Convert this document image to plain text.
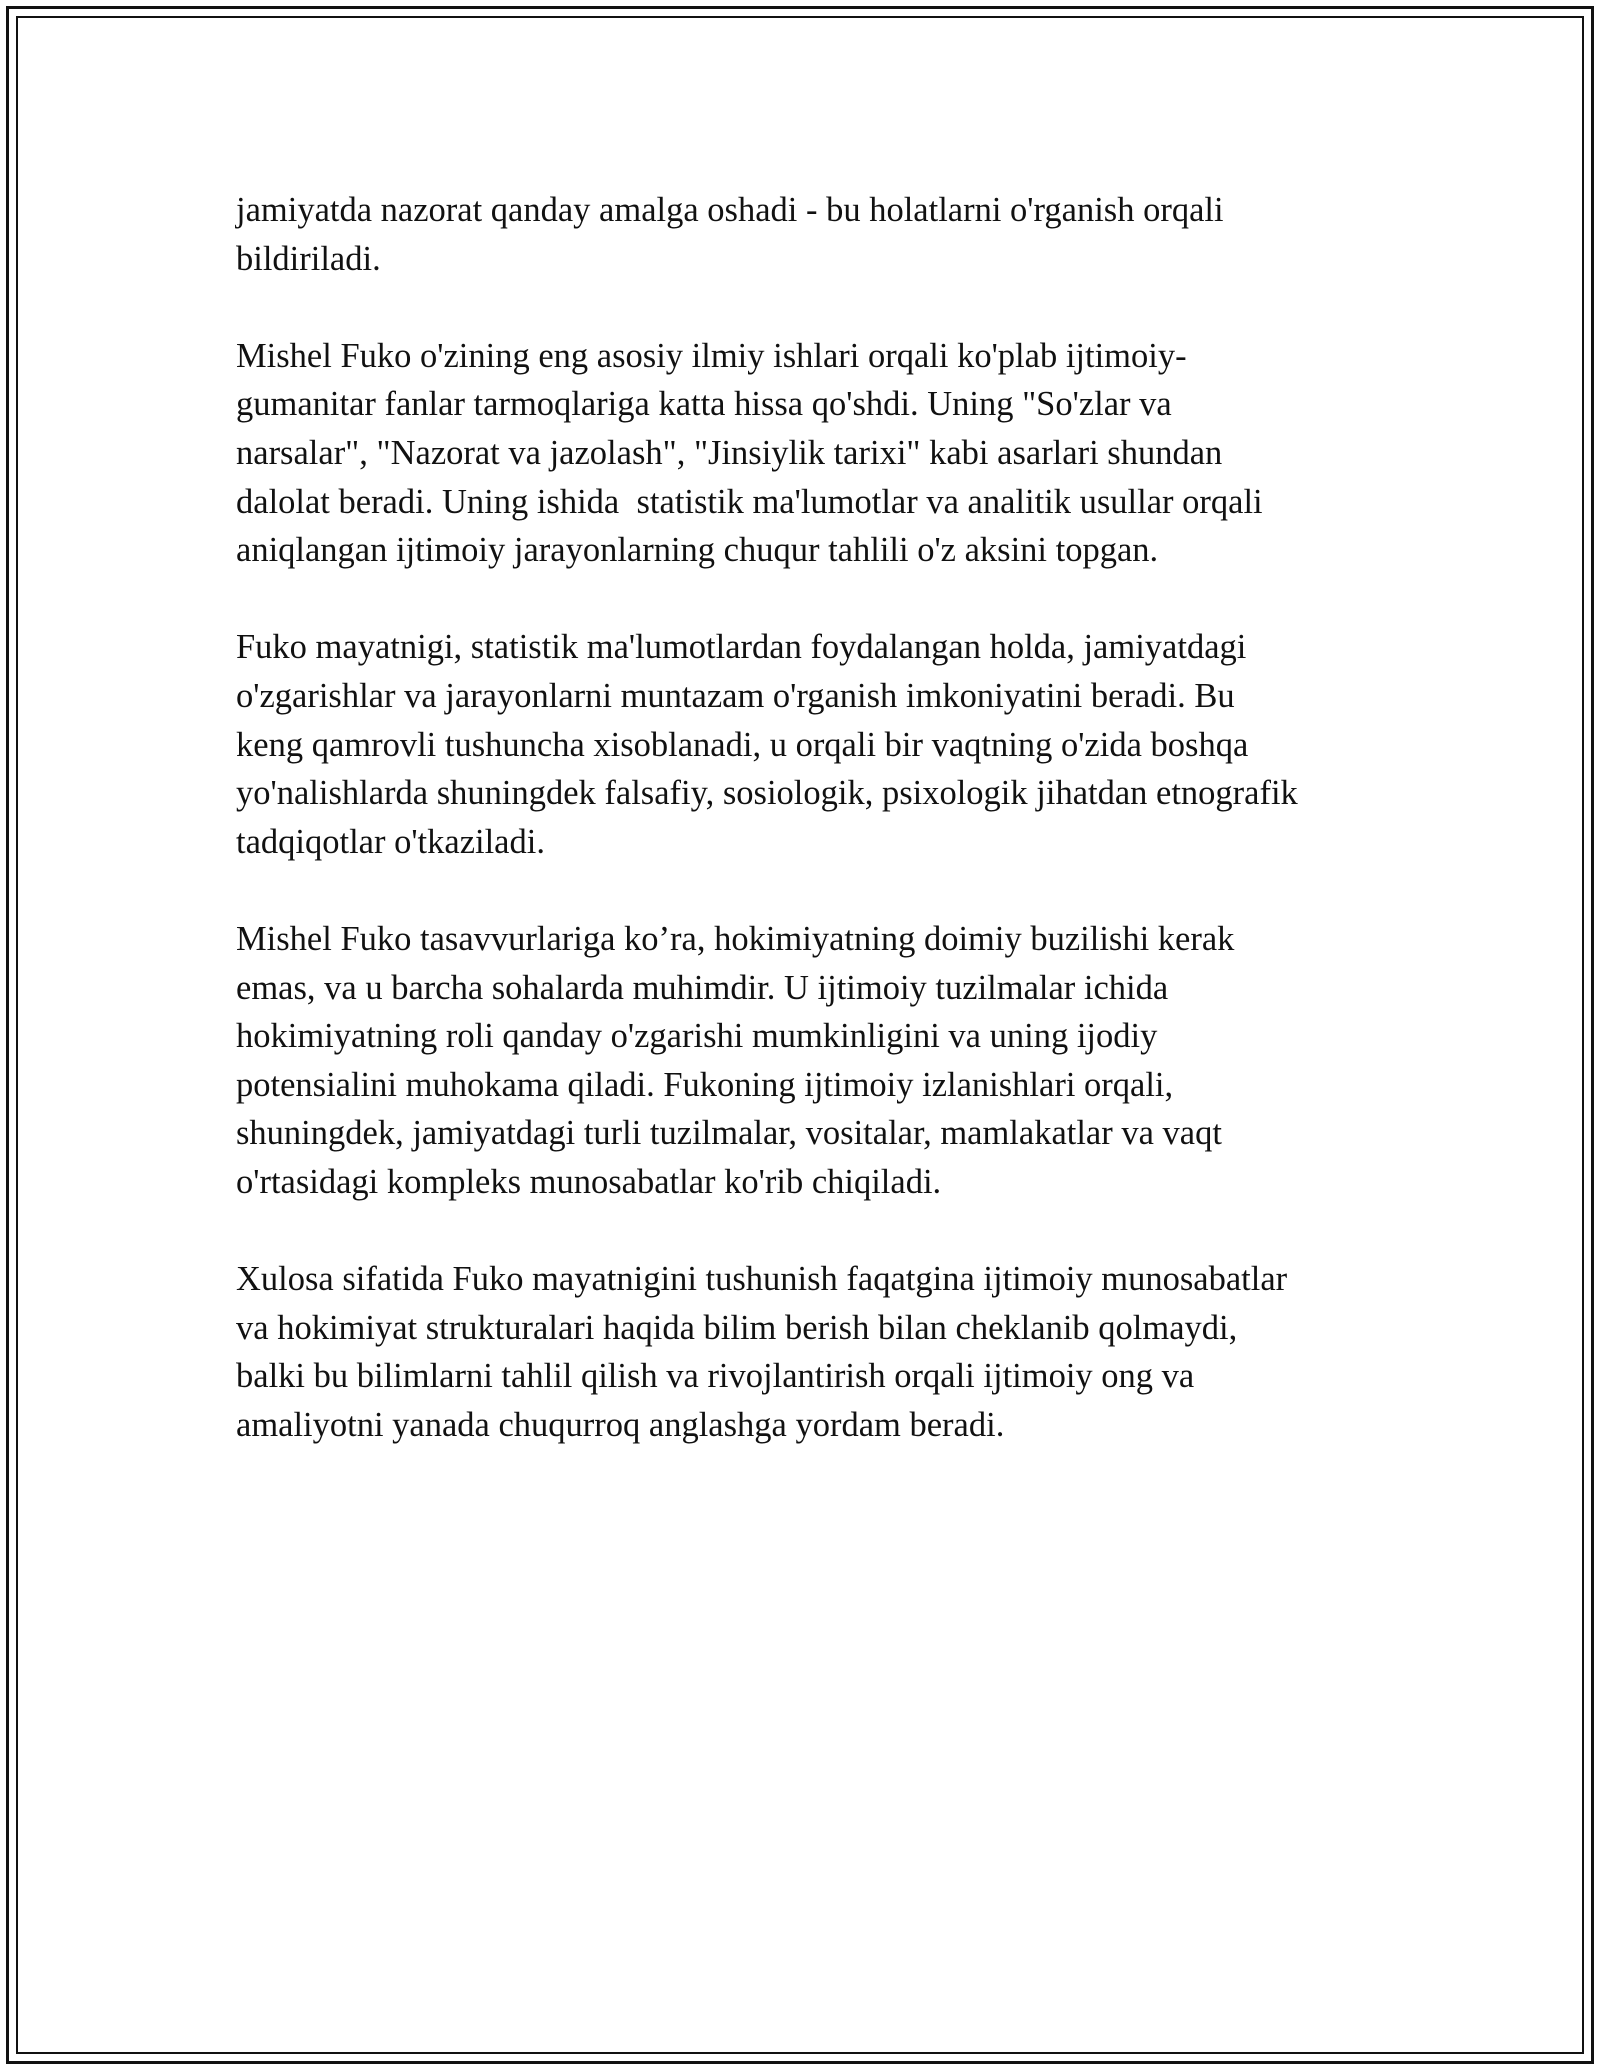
jamiyatda nazorat qanday amalga oshadi - bu holatlarni o'rganish orqali
bildiriladi.

Mishel Fuko o'zining eng asosiy ilmiy ishlari orqali ko'plab ijtimoiy-
gumanitar fanlar tarmoqlariga katta hissa qo'shdi. Uning "So'zlar va
narsalar", "Nazorat va jazolash", "Jinsiylik tarixi" kabi asarlari shundan
dalolat beradi. Uning ishida  statistik ma'lumotlar va analitik usullar orqali
aniqlangan ijtimoiy jarayonlarning chuqur tahlili o'z aksini topgan.

Fuko mayatnigi, statistik ma'lumotlardan foydalangan holda, jamiyatdagi
o'zgarishlar va jarayonlarni muntazam o'rganish imkoniyatini beradi. Bu
keng qamrovli tushuncha xisoblanadi, u orqali bir vaqtning o'zida boshqa
yo'nalishlarda shuningdek falsafiy, sosiologik, psixologik jihatdan etnografik
tadqiqotlar o'tkaziladi.

Mishel Fuko tasavvurlariga ko’ra, hokimiyatning doimiy buzilishi kerak
emas, va u barcha sohalarda muhimdir. U ijtimoiy tuzilmalar ichida
hokimiyatning roli qanday o'zgarishi mumkinligini va uning ijodiy
potensialini muhokama qiladi. Fukoning ijtimoiy izlanishlari orqali,
shuningdek, jamiyatdagi turli tuzilmalar, vositalar, mamlakatlar va vaqt
o'rtasidagi kompleks munosabatlar ko'rib chiqiladi.

Xulosa sifatida Fuko mayatnigini tushunish faqatgina ijtimoiy munosabatlar
va hokimiyat strukturalari haqida bilim berish bilan cheklanib qolmaydi,
balki bu bilimlarni tahlil qilish va rivojlantirish orqali ijtimoiy ong va
amaliyotni yanada chuqurroq anglashga yordam beradi.
